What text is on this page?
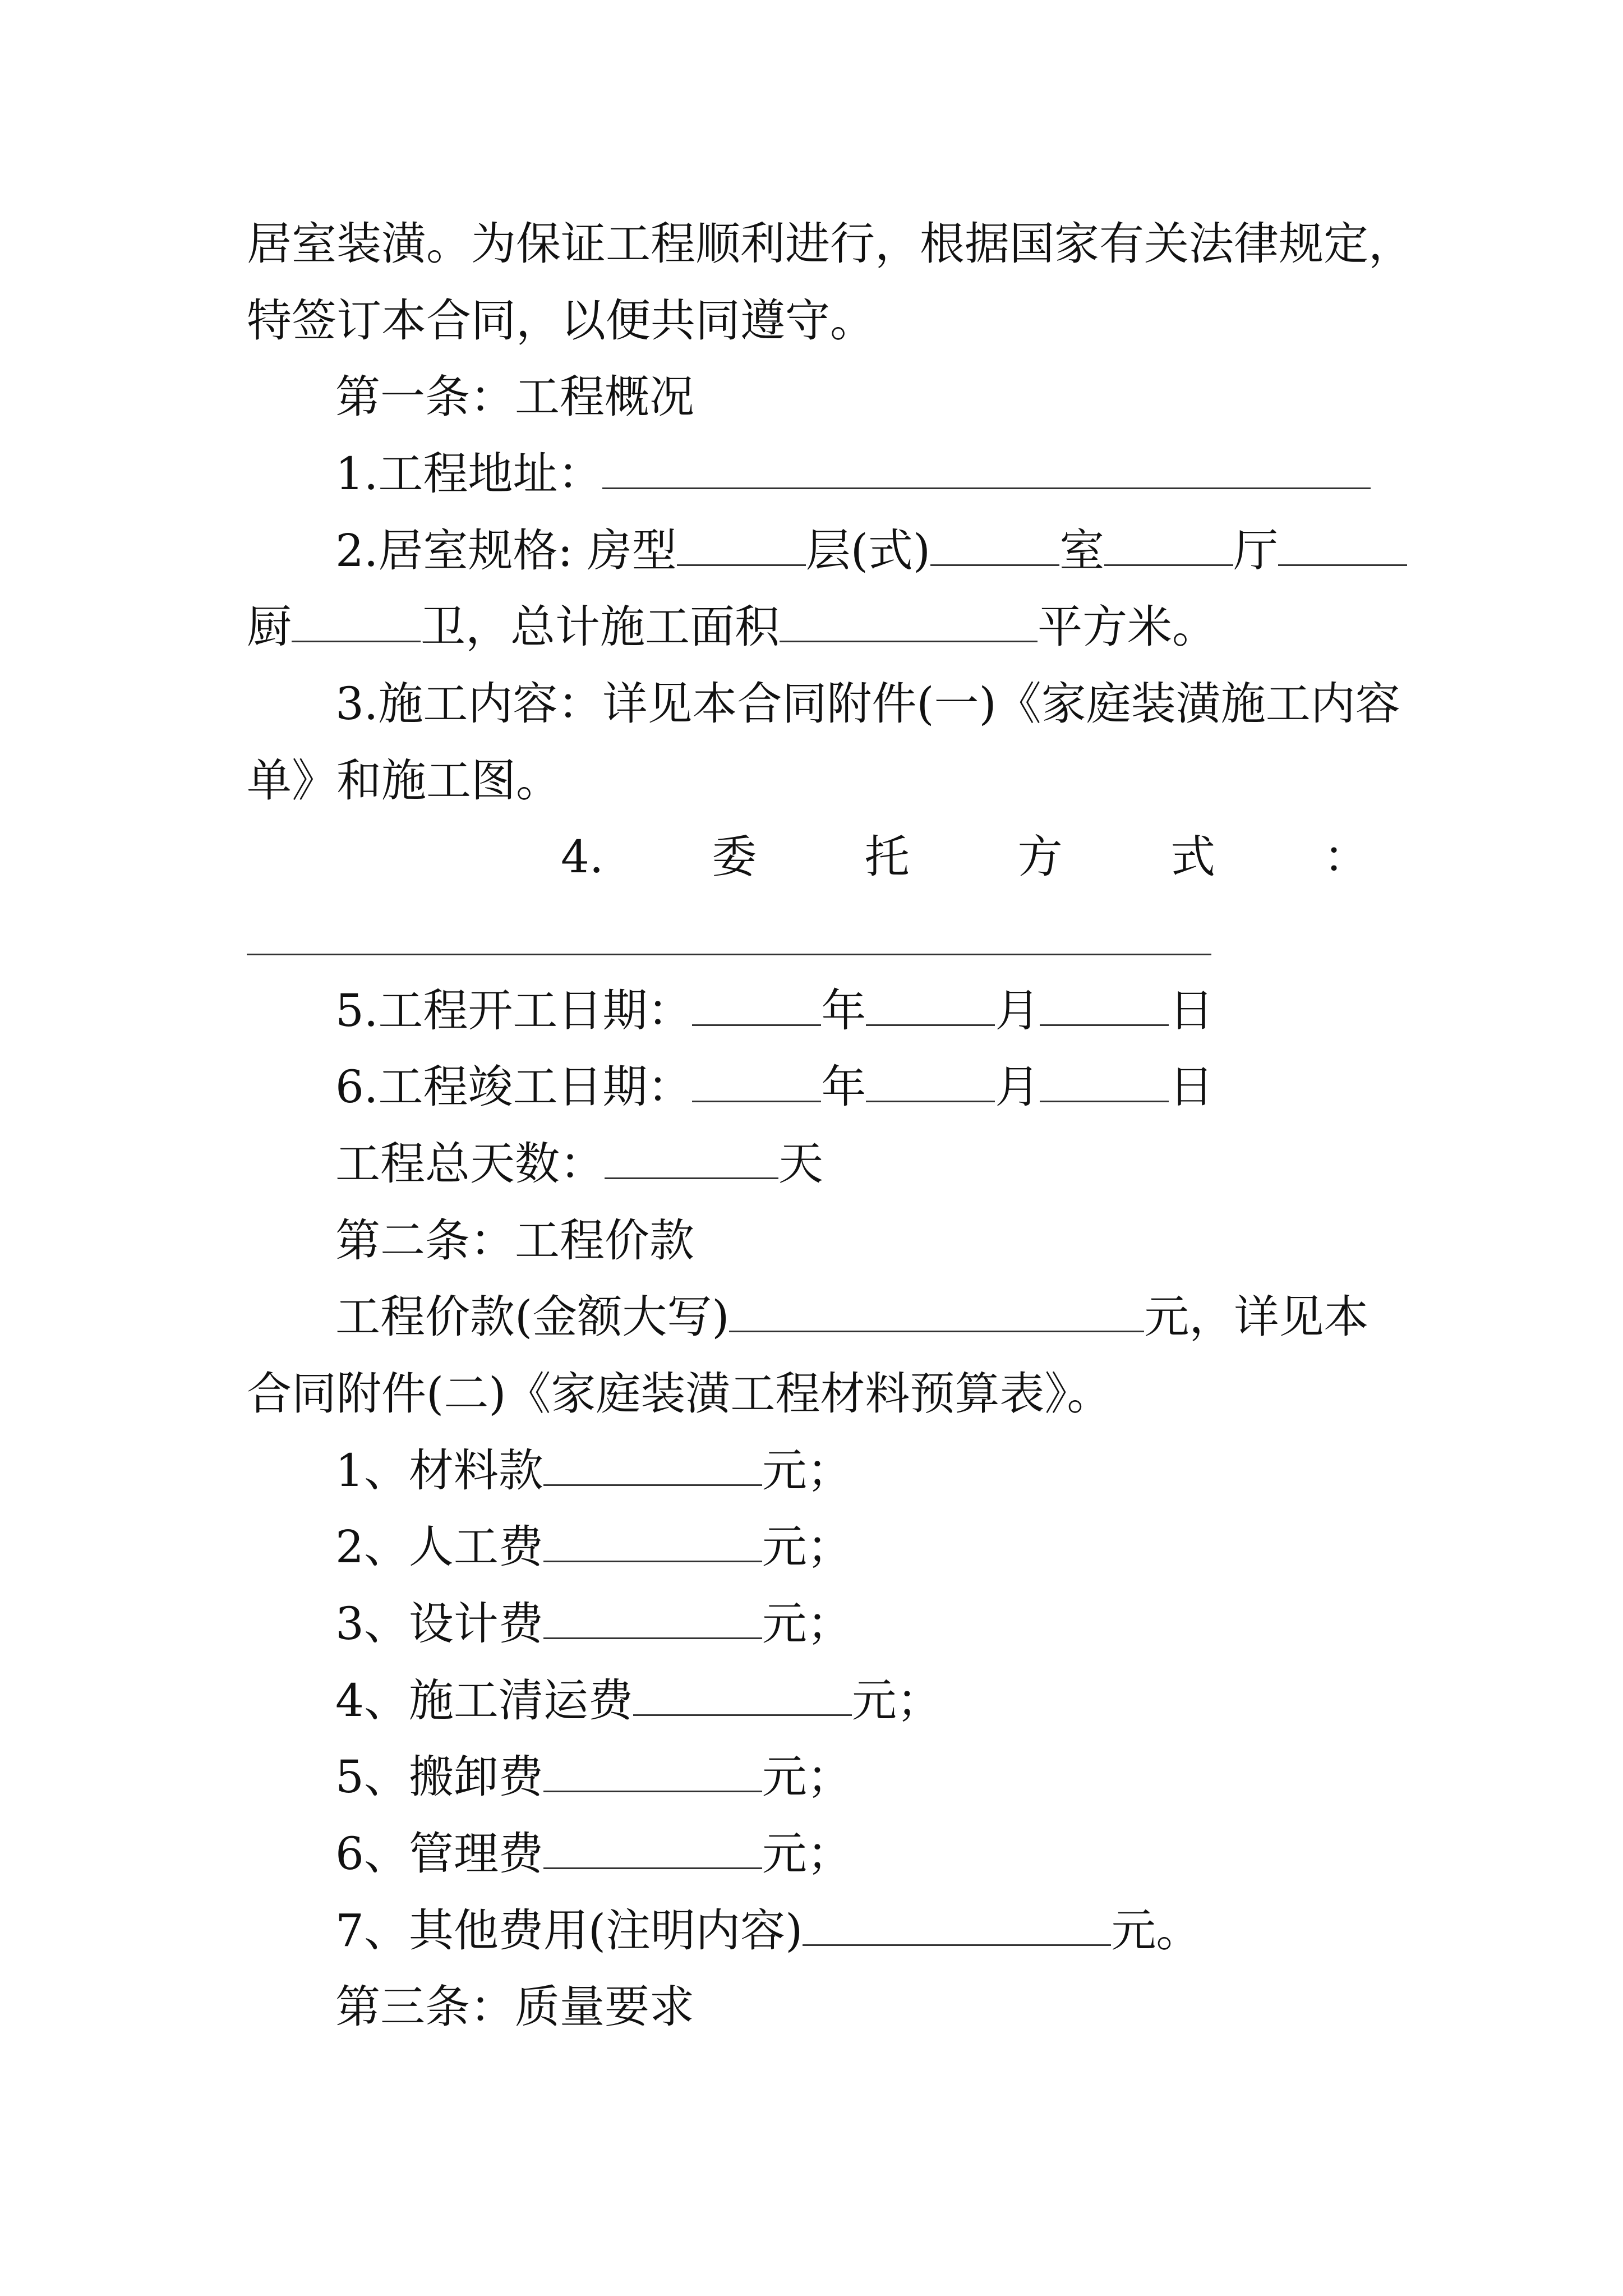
居室装潢。为保证工程顺利进行，根据国家有关法律规定，
特签订本合同，以便共同遵守。
第一条：工程概况
1.工程地址：
2.居室规格: 房型	层(式)	室	厅
厨	卫，总计施工面积	平方米。
3.施工内容：详见本合同附件(一)《家庭装潢施工内容
单》和施工图。
4. 委 托 方 式 ：
5.工程开工日期：	年	月	日
6.工程竣工日期：	年	月	日
工程总天数：	天
第二条：工程价款
工程价款(金额大写)	元，详见本
合同附件(二)《家庭装潢工程材料预算表》。
1、材料款	元；
2、人工费	元；
3、设计费	元；
4、施工清运费	元；
5、搬卸费	元；
6、管理费	元；
7、其他费用(注明内容)	元。
第三条：质量要求
